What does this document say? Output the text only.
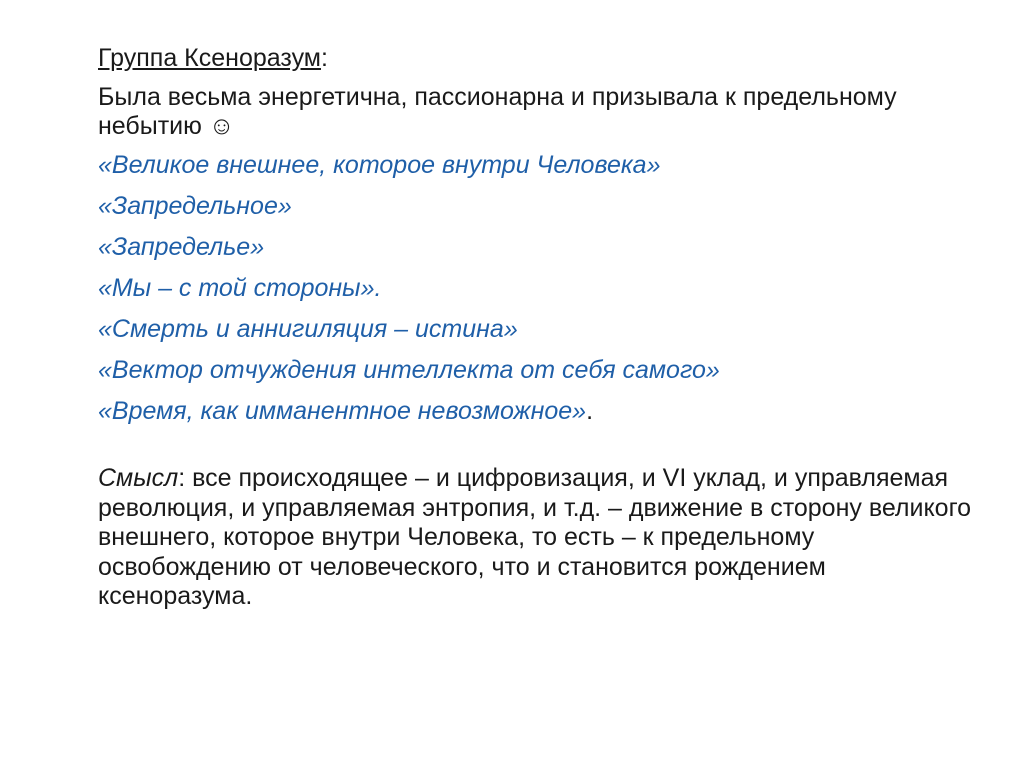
Группа Ксеноразум:

Была весьма энергетична, пассионарна и призывала к предельному небытию ☺

«Великое внешнее, которое внутри Человека»

«Запредельное»

«Запредельe»

«Мы – с той стороны».

«Смерть и аннигиляция – истина»

«Вектор отчуждения интеллекта от себя самого»

«Время, как имманентное невозможное».

Смысл: все происходящее – и цифровизация, и VI уклад, и управляемая революция, и управляемая энтропия, и т.д. – движение в сторону великого внешнего, которое внутри Человека, то есть – к предельному освобождению от человеческого, что и становится рождением ксеноразума.
